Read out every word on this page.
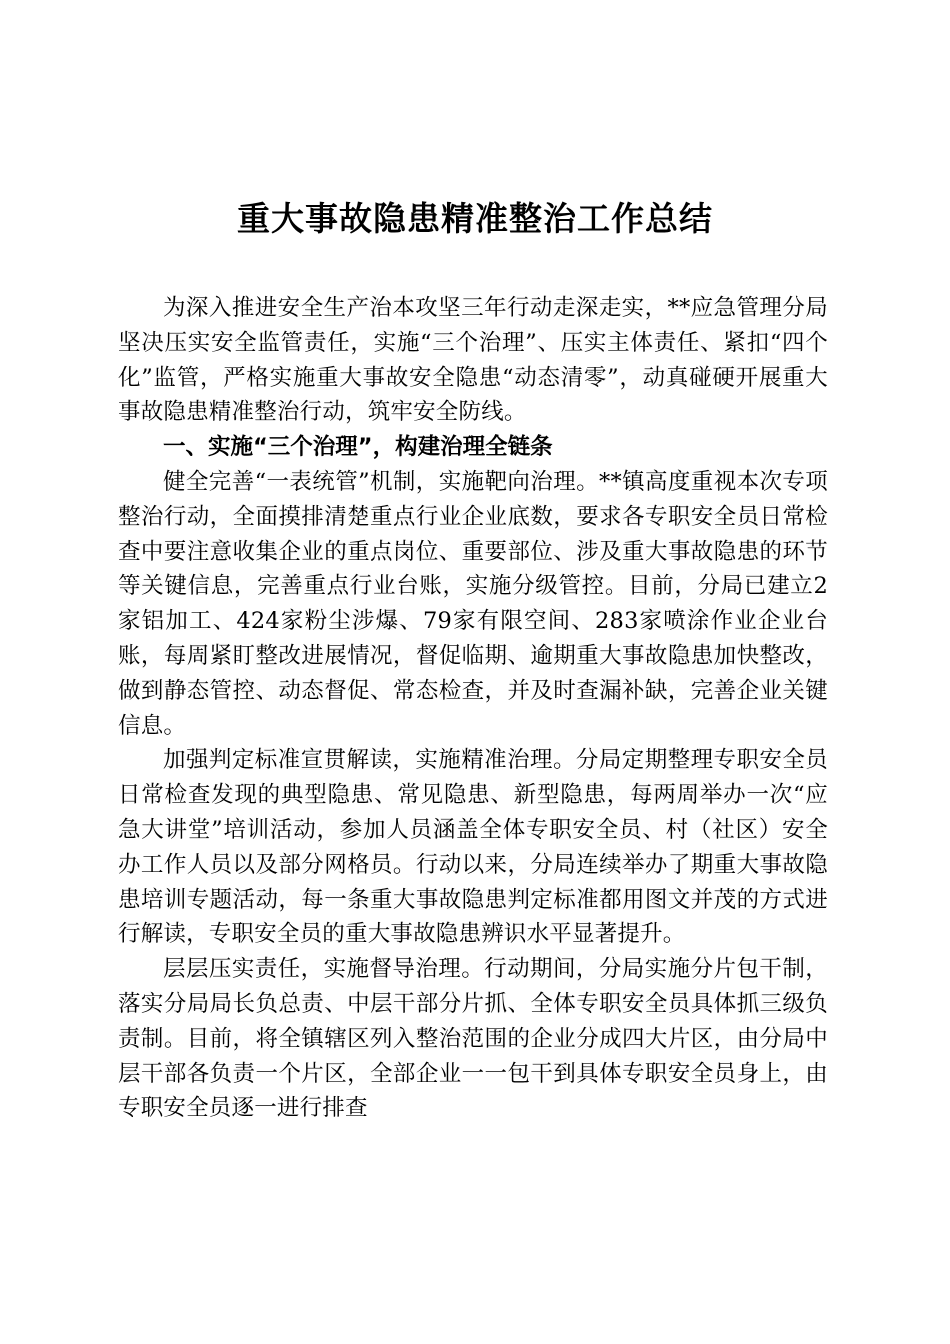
重大事故隐患精准整治工作总结

为深入推进安全生产治本攻坚三年行动走深走实，**应急管理分局坚决压实安全监管责任，实施“三个治理”、压实主体责任、紧扣“四个化”监管，严格实施重大事故安全隐患“动态清零”，动真碰硬开展重大事故隐患精准整治行动，筑牢安全防线。

一、实施“三个治理”，构建治理全链条

健全完善“一表统管”机制，实施靶向治理。**镇高度重视本次专项整治行动，全面摸排清楚重点行业企业底数，要求各专职安全员日常检查中要注意收集企业的重点岗位、重要部位、涉及重大事故隐患的环节等关键信息，完善重点行业台账，实施分级管控。目前，分局已建立2家铝加工、424家粉尘涉爆、79家有限空间、283家喷涂作业企业台账，每周紧盯整改进展情况，督促临期、逾期重大事故隐患加快整改，做到静态管控、动态督促、常态检查，并及时查漏补缺，完善企业关键信息。

加强判定标准宣贯解读，实施精准治理。分局定期整理专职安全员日常检查发现的典型隐患、常见隐患、新型隐患，每两周举办一次“应急大讲堂”培训活动，参加人员涵盖全体专职安全员、村（社区）安全办工作人员以及部分网格员。行动以来，分局连续举办了期重大事故隐患培训专题活动，每一条重大事故隐患判定标准都用图文并茂的方式进行解读，专职安全员的重大事故隐患辨识水平显著提升。

层层压实责任，实施督导治理。行动期间，分局实施分片包干制，落实分局局长负总责、中层干部分片抓、全体专职安全员具体抓三级负责制。目前，将全镇辖区列入整治范围的企业分成四大片区，由分局中层干部各负责一个片区，全部企业一一包干到具体专职安全员身上，由专职安全员逐一进行排查
